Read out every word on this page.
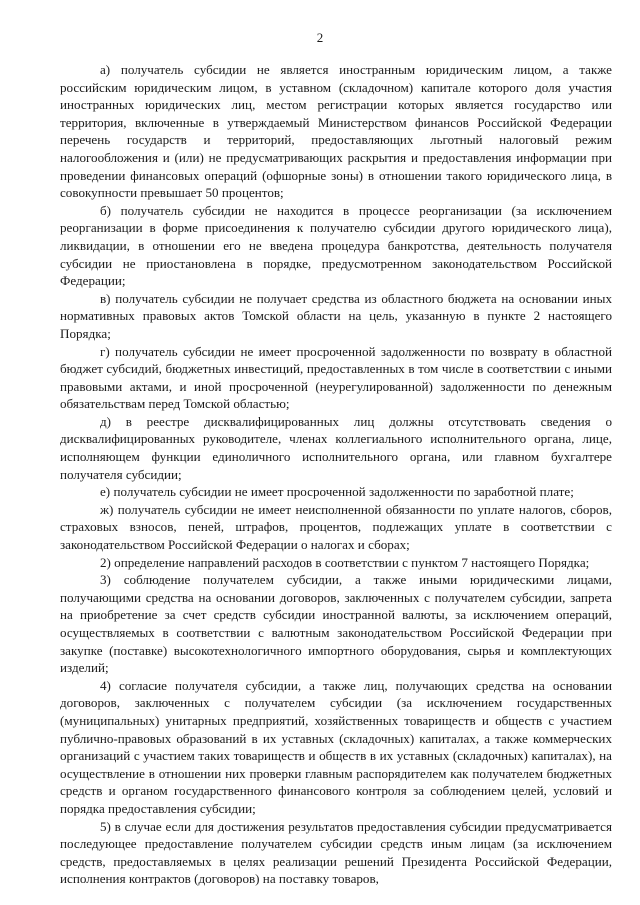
2

а) получатель субсидии не является иностранным юридическим лицом, а также российским юридическим лицом, в уставном (складочном) капитале которого доля участия иностранных юридических лиц, местом регистрации которых является государство или территория, включенные в утверждаемый Министерством финансов Российской Федерации перечень государств и территорий, предоставляющих льготный налоговый режим налогообложения и (или) не предусматривающих раскрытия и предоставления информации при проведении финансовых операций (офшорные зоны) в отношении такого юридического лица, в совокупности превышает 50 процентов;

б) получатель субсидии не находится в процессе реорганизации (за исключением реорганизации в форме присоединения к получателю субсидии другого юридического лица), ликвидации, в отношении его не введена процедура банкротства, деятельность получателя субсидии не приостановлена в порядке, предусмотренном законодательством Российской Федерации;

в) получатель субсидии не получает средства из областного бюджета на основании иных нормативных правовых актов Томской области на цель, указанную в пункте 2 настоящего Порядка;

г) получатель субсидии не имеет просроченной задолженности по возврату в областной бюджет субсидий, бюджетных инвестиций, предоставленных в том числе в соответствии с иными правовыми актами, и иной просроченной (неурегулированной) задолженности по денежным обязательствам перед Томской областью;

д) в реестре дисквалифицированных лиц должны отсутствовать сведения о дисквалифицированных руководителе, членах коллегиального исполнительного органа, лице, исполняющем функции единоличного исполнительного органа, или главном бухгалтере получателя субсидии;

е) получатель субсидии не имеет просроченной задолженности по заработной плате;

ж) получатель субсидии не имеет неисполненной обязанности по уплате налогов, сборов, страховых взносов, пеней, штрафов, процентов, подлежащих уплате в соответствии с законодательством Российской Федерации о налогах и сборах;

2) определение направлений расходов в соответствии с пунктом 7 настоящего Порядка;

3) соблюдение получателем субсидии, а также иными юридическими лицами, получающими средства на основании договоров, заключенных с получателем субсидии, запрета на приобретение за счет средств субсидии иностранной валюты, за исключением операций, осуществляемых в соответствии с валютным законодательством Российской Федерации при закупке (поставке) высокотехнологичного импортного оборудования, сырья и комплектующих изделий;

4) согласие получателя субсидии, а также лиц, получающих средства на основании договоров, заключенных с получателем субсидии (за исключением государственных (муниципальных) унитарных предприятий, хозяйственных товариществ и обществ с участием публично-правовых образований в их уставных (складочных) капиталах, а также коммерческих организаций с участием таких товариществ и обществ в их уставных (складочных) капиталах), на осуществление в отношении них проверки главным распорядителем как получателем бюджетных средств и органом государственного финансового контроля за соблюдением целей, условий и порядка предоставления субсидии;

5) в случае если для достижения результатов предоставления субсидии предусматривается последующее предоставление получателем субсидии средств иным лицам (за исключением средств, предоставляемых в целях реализации решений Президента Российской Федерации, исполнения контрактов (договоров) на поставку товаров,
